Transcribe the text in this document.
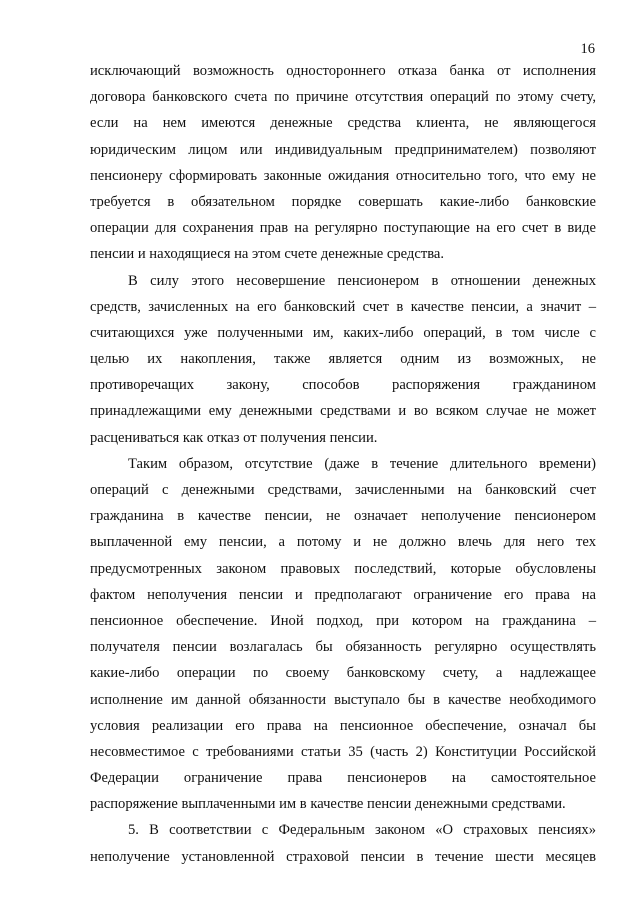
16
исключающий возможность одностороннего отказа банка от исполнения
договора банковского счета по причине отсутствия операций по этому счету,
если на нем имеются денежные средства клиента, не являющегося
юридическим лицом или индивидуальным предпринимателем) позволяют
пенсионеру сформировать законные ожидания относительно того, что ему не
требуется в обязательном порядке совершать какие-либо банковские
операции для сохранения прав на регулярно поступающие на его счет в виде
пенсии и находящиеся на этом счете денежные средства.
В силу этого несовершение пенсионером в отношении денежных
средств, зачисленных на его банковский счет в качестве пенсии, а значит –
считающихся уже полученными им, каких-либо операций, в том числе с
целью их накопления, также является одним из возможных, не
противоречащих закону, способов распоряжения гражданином
принадлежащими ему денежными средствами и во всяком случае не может
расцениваться как отказ от получения пенсии.
Таким образом, отсутствие (даже в течение длительного времени)
операций с денежными средствами, зачисленными на банковский счет
гражданина в качестве пенсии, не означает неполучение пенсионером
выплаченной ему пенсии, а потому и не должно влечь для него тех
предусмотренных законом правовых последствий, которые обусловлены
фактом неполучения пенсии и предполагают ограничение его права на
пенсионное обеспечение. Иной подход, при котором на гражданина –
получателя пенсии возлагалась бы обязанность регулярно осуществлять
какие-либо операции по своему банковскому счету, а надлежащее
исполнение им данной обязанности выступало бы в качестве необходимого
условия реализации его права на пенсионное обеспечение, означал бы
несовместимое с требованиями статьи 35 (часть 2) Конституции Российской
Федерации ограничение права пенсионеров на самостоятельное
распоряжение выплаченными им в качестве пенсии денежными средствами.
5. В соответствии с Федеральным законом «О страховых пенсиях»
неполучение установленной страховой пенсии в течение шести месяцев
